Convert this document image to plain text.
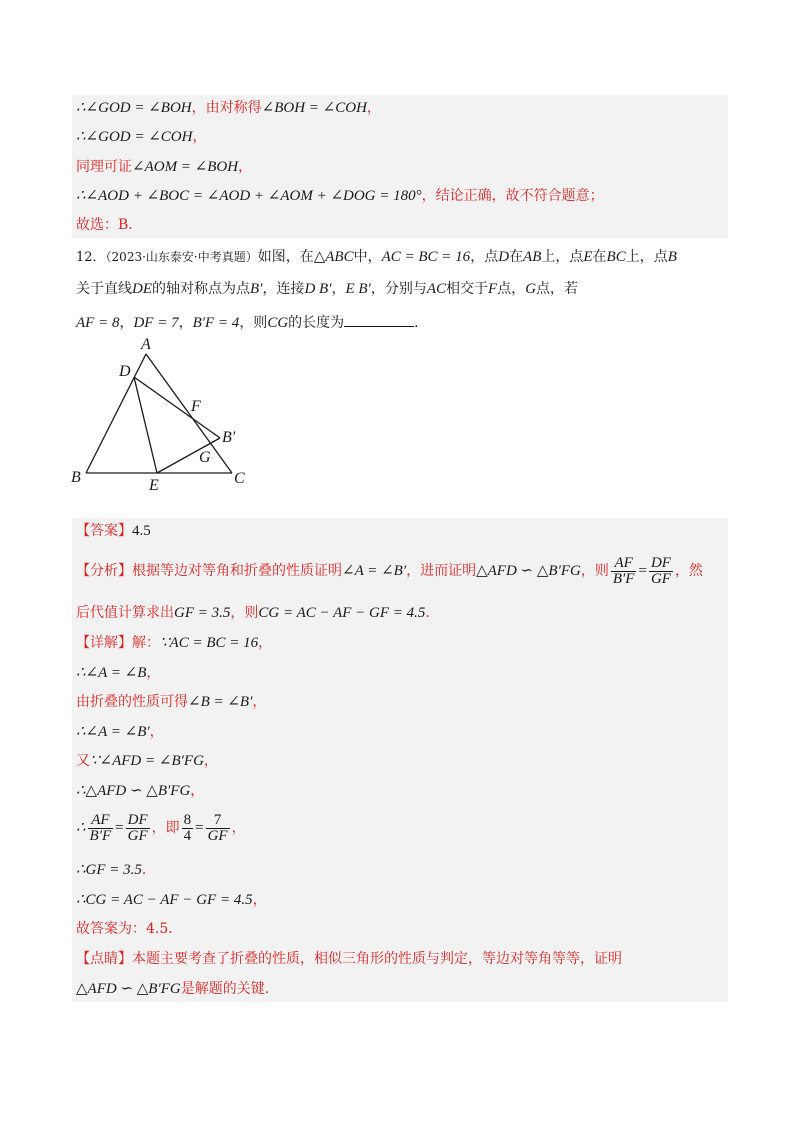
∴∠GOD = ∠BOH，由对称得∠BOH = ∠COH，
∴∠GOD = ∠COH，
同理可证∠AOM = ∠BOH，
∴∠AOD + ∠BOC = ∠AOD + ∠AOM + ∠DOG = 180°，结论正确，故不符合题意；
故选：B．
12．（2023·山东泰安·中考真题）如图，在△ABC中，AC = BC = 16，点D在AB上，点E在BC上，点B
关于直线DE的轴对称点为点B′，连接D B′，E B′，分别与AC相交于F点，G点，若
AF = 8，DF = 7，B′F = 4，则CG的长度为	.
A
D
F
B′
G
B	E	C
【答案】4.5
【分析】根据等边对等角和折叠的性质证明∠A = ∠B′，进而证明△AFD ∽ △B′FG，则 $\frac{AF}{B'F} = \frac{DF}{GF}$ ，然
后代值计算求出GF = 3.5，则CG = AC − AF − GF = 4.5．
【详解】解：∵AC = BC = 16，
∴∠A = ∠B，
由折叠的性质可得∠B = ∠B′，
∴∠A = ∠B′，
又∵∠AFD = ∠B′FG，
∴△AFD ∽ △B′FG，
∴ $\frac{AF}{B'F} = \frac{DF}{GF}$ ，即 $\frac{8}{4} = \frac{7}{GF}$ ，
∴GF = 3.5．
∴CG = AC − AF − GF = 4.5，
故答案为：4.5．
【点睛】本题主要考查了折叠的性质，相似三角形的性质与判定，等边对等角等等，证明
△AFD ∽ △B′FG是解题的关键.
